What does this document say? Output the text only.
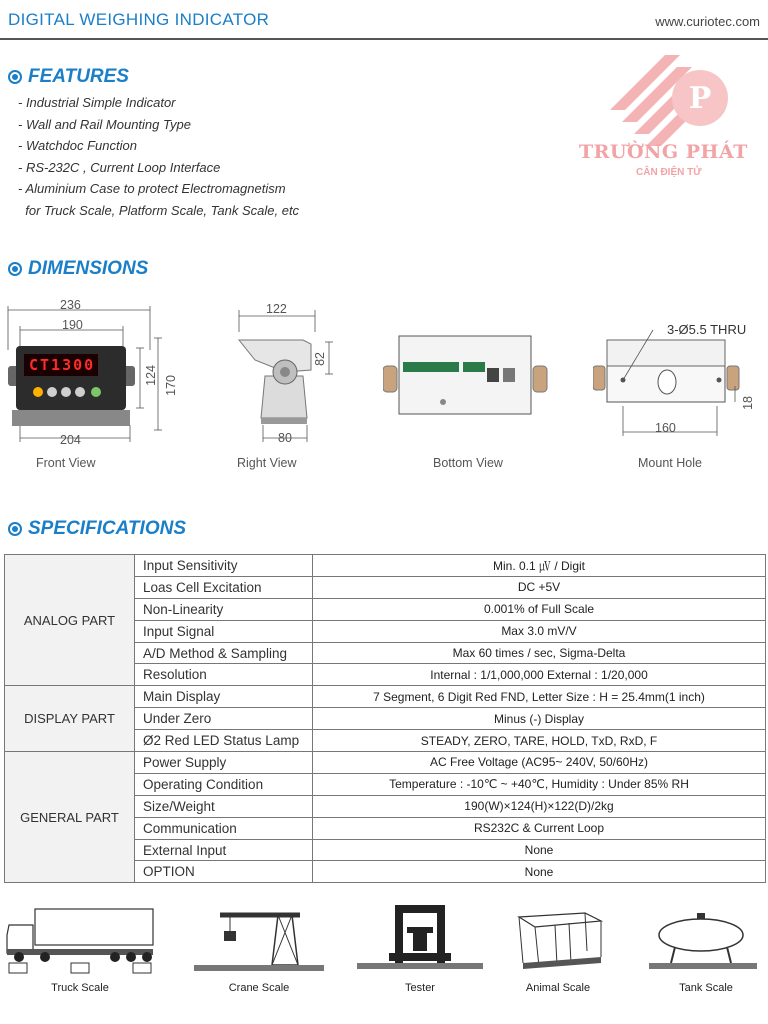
DIGITAL WEIGHING INDICATOR	www.curiotec.com
P
TRƯỜNG PHÁT
CÂN ĐIỆN TỬ
FEATURES
- Industrial Simple Indicator
- Wall and Rail Mounting Type
- Watchdoc Function
- RS-232C , Current Loop Interface
- Aluminium Case to protect Electromagnetism
for Truck Scale, Platform Scale, Tank Scale, etc
DIMENSIONS
CT1300
236
190
204
124 170
Front View
122
82
80
Right View	Bottom View
3-Ø5.5 THRU
160
18
Mount Hole
SPECIFICATIONS
ANALOG PART	Input Sensitivity	Min. 0.1 ㎶ / Digit
	Loas Cell Excitation	DC +5V
	Non-Linearity	0.001% of Full Scale
	Input Signal	Max 3.0 mV/V
	A/D Method & Sampling	Max 60 times / sec, Sigma-Delta
	Resolution	Internal : 1/1,000,000 External : 1/20,000
DISPLAY PART	Main Display	7 Segment, 6 Digit Red FND, Letter Size : H = 25.4mm(1 inch)
	Under Zero	Minus (-) Display
	Ø2 Red LED Status Lamp	STEADY, ZERO, TARE, HOLD, TxD, RxD, F
GENERAL PART	Power Supply	AC Free Voltage (AC95~ 240V, 50/60Hz)
	Operating Condition	Temperature : -10℃ ~ +40℃, Humidity : Under 85% RH
	Size/Weight	190(W)×124(H)×122(D)/2kg
	Communication	RS232C & Current Loop
	External Input	None
	OPTION	None
Truck Scale	Crane Scale	Tester	Animal Scale	Tank Scale
